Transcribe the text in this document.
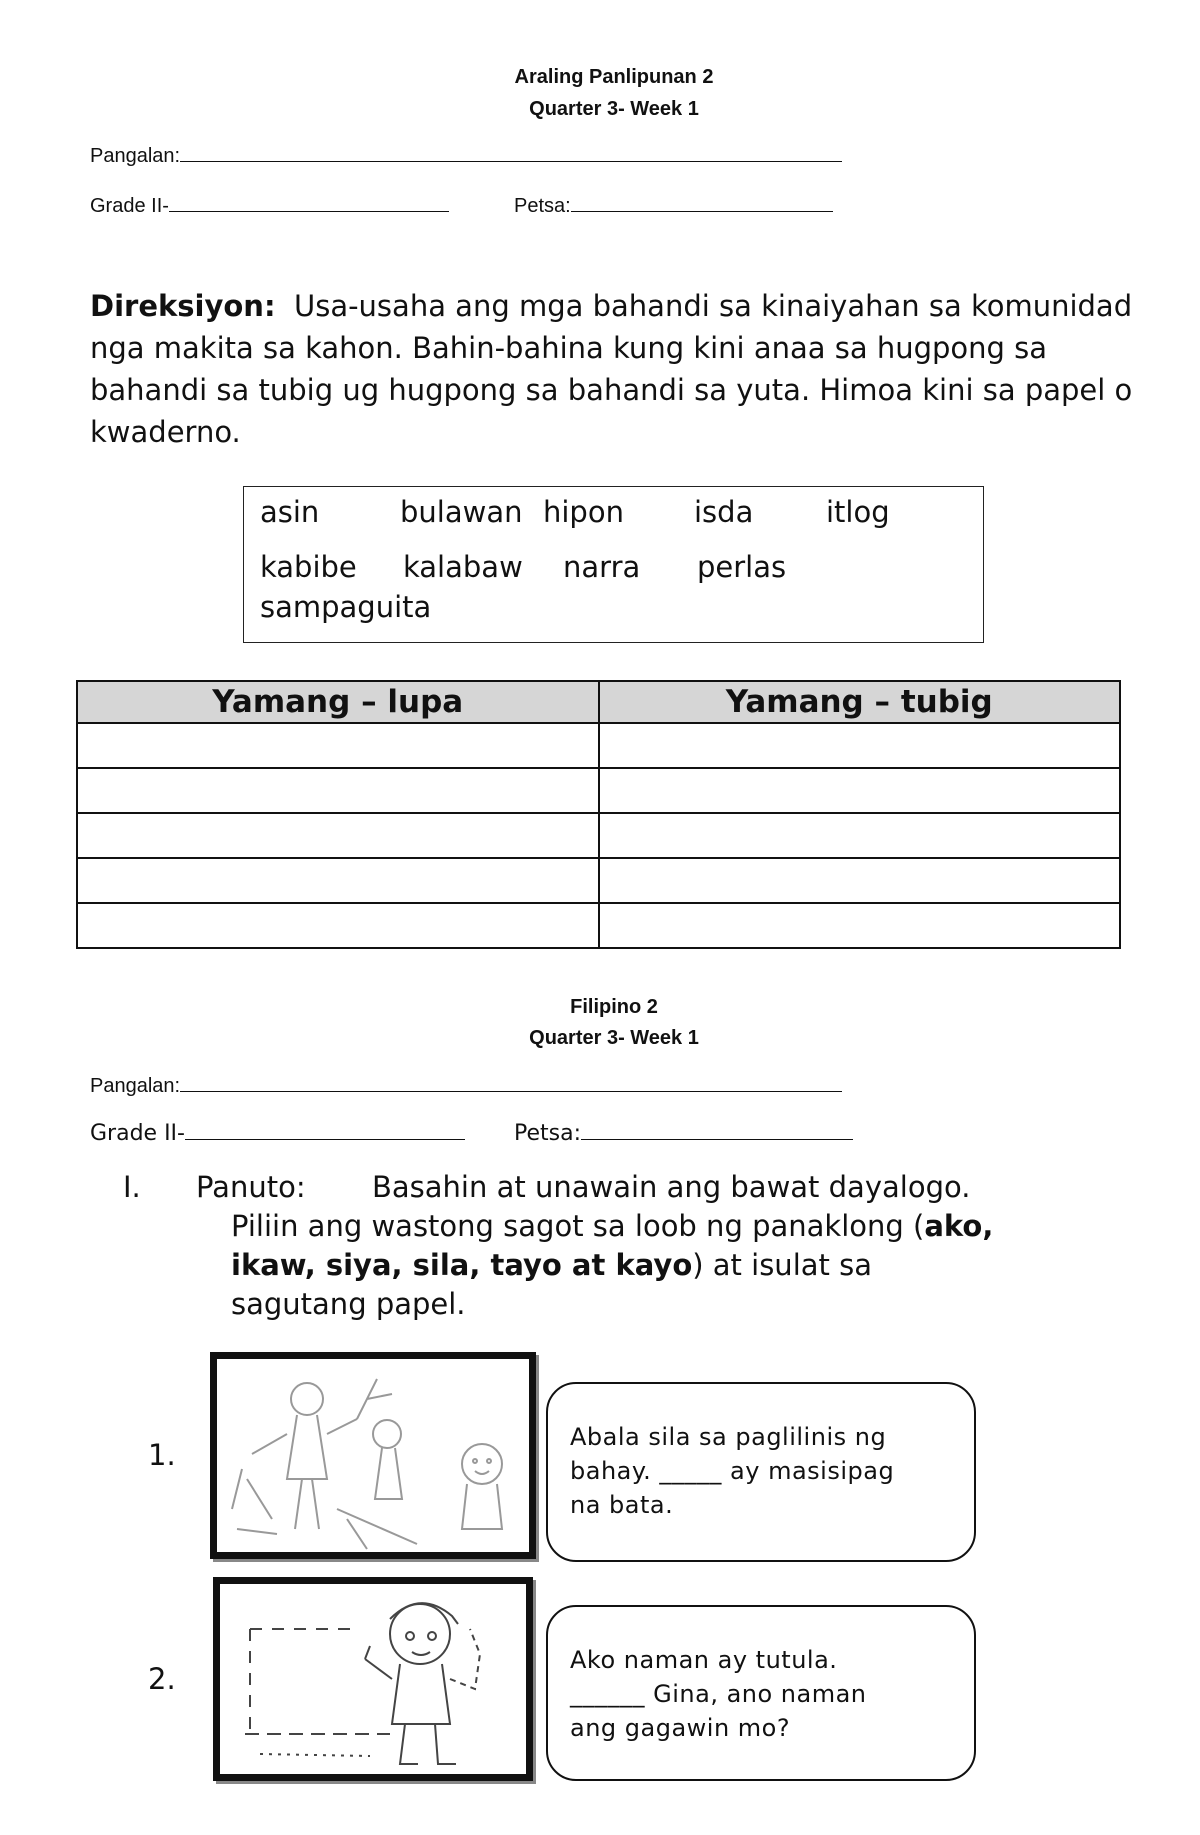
Araling Panlipunan 2
Quarter 3- Week 1
Pangalan:
Grade II-	Petsa:
Direksiyon: Usa-usaha ang mga bahandi sa kinaiyahan sa komunidad nga makita sa kahon. Bahin-bahina kung kini anaa sa hugpong sa bahandi sa tubig ug hugpong sa bahandi sa yuta. Himoa kini sa papel o kwaderno.
asin	bulawan hipon isda	itlog
kabibe kalabaw narra perlas
sampaguita
Yamang – lupa	Yamang – tubig

Filipino 2
Quarter 3- Week 1
Pangalan:
Grade II-	Petsa:
I. Panuto: Basahin at unawain ang bawat dayalogo.
Piliin ang wastong sagot sa loob ng panaklong (ako,
ikaw, siya, sila, tayo at kayo) at isulat sa
sagutang papel.
1.
Abala sila sa paglilinis ng
bahay. _____ ay masisipag
na bata.
2.
Ako naman ay tutula.
______ Gina, ano naman
ang gagawin mo?
